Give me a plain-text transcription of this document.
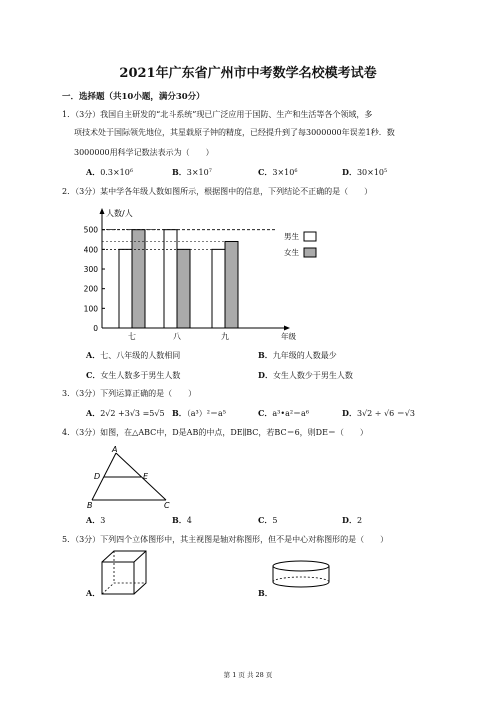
2021年广东省广州市中考数学名校模考试卷
一．选择题（共10小题，满分30分）
1．（3分）我国自主研发的“北斗系统”现已广泛应用于国防、生产和生活等各个领域，多
项技术处于国际领先地位，其星载原子钟的精度，已经提升到了每3000000年误差1秒．数
3000000用科学记数法表示为（　　）
A．$0.3\times 10^6$	B．$3\times 10^7$	C．$3\times 10^6$	D．$30\times 10^5$
2．（3分）某中学各年级人数如图所示，根据图中的信息，下列结论不正确的是（　　）
0
100
200
300
400
500
七	八	九
人数/人
年级
男生
女生
A．七、八年级的人数相同	B．九年级的人数最少
C．女生人数多于男生人数	D．女生人数少于男生人数
3．（3分）下列运算正确的是（　　）
A．2√2 +3√3 =5√5 B．（a³）²＝a⁵	C．a³•a²＝a⁶	D．3√2 ÷ √6 ＝√3
4．（3分）如图，在△ABC中，D是AB的中点，DE∥BC，若BC＝6，则DE＝（　　）
A
D	E
B	C
A．3	B．4	C．5	D．2
5．（3分）下列四个立体图形中，其主视图是轴对称图形，但不是中心对称图形的是（　　）
A．	B．
第 1 页 共 28 页
